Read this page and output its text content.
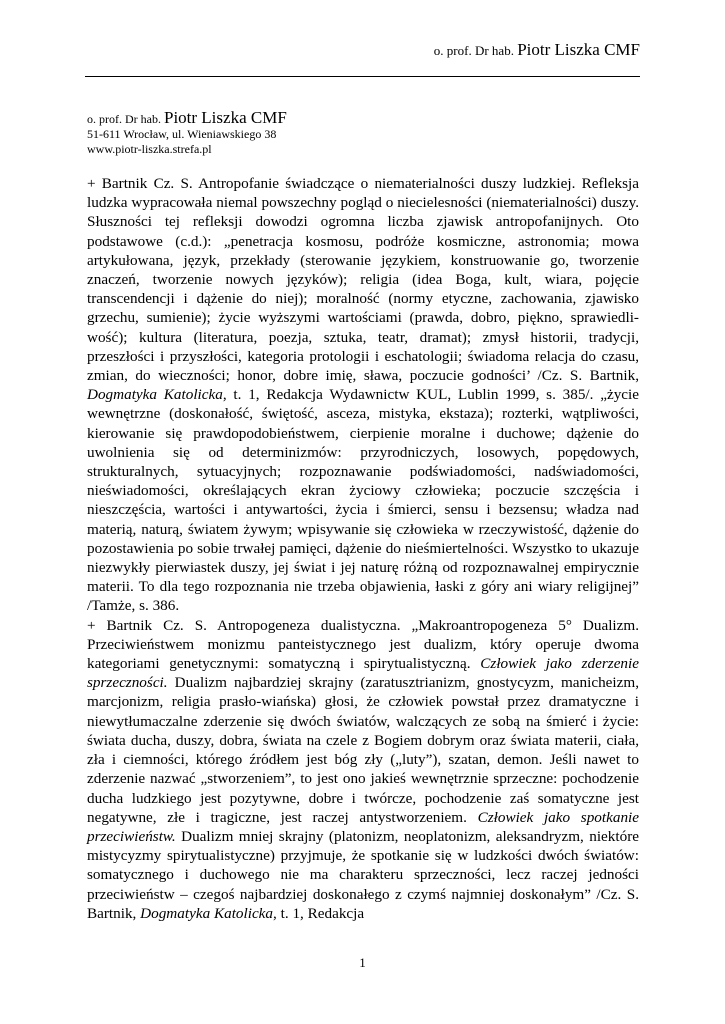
o. prof. Dr hab. Piotr Liszka CMF
o. prof. Dr hab. Piotr Liszka CMF
51-611 Wrocław, ul. Wieniawskiego 38
www.piotr-liszka.strefa.pl

+ Bartnik Cz. S. Antropofanie świadczące o niematerialności duszy ludzkiej. Refleksja ludzka wypracowała niemal powszechny pogląd o niecielesności (niematerialności) duszy. Słuszności tej refleksji dowodzi ogromna liczba zjawisk antropofanijnych. Oto podstawowe (c.d.): „penetracja kosmosu, podróże kosmiczne, astronomia; mowa artykułowana, język, przekłady (sterowanie językiem, konstruowanie go, tworzenie znaczeń, tworzenie nowych języków); religia (idea Boga, kult, wiara, pojęcie transcendencji i dążenie do niej); moralność (normy etyczne, zachowania, zjawisko grzechu, sumienie); życie wyższymi wartościami (prawda, dobro, piękno, sprawiedli-wość); kultura (literatura, poezja, sztuka, teatr, dramat); zmysł historii, tradycji, przeszłości i przyszłości, kategoria protologii i eschatologii; świadoma relacja do czasu, zmian, do wieczności; honor, dobre imię, sława, poczucie godności’ /Cz. S. Bartnik, Dogmatyka Katolicka, t. 1, Redakcja Wydawnictw KUL, Lublin 1999, s. 385/. „życie wewnętrzne (doskonałość, świętość, asceza, mistyka, ekstaza); rozterki, wątpliwości, kierowanie się prawdopodobieństwem, cierpienie moralne i duchowe; dążenie do uwolnienia się od determinizmów: przyrodniczych, losowych, popędowych, strukturalnych, sytuacyjnych; rozpoznawanie podświadomości, nadświadomości, nieświadomości, określających ekran życiowy człowieka; poczucie szczęścia i nieszczęścia, wartości i antywartości, życia i śmierci, sensu i bezsensu; władza nad materią, naturą, światem żywym; wpisywanie się człowieka w rzeczywistość, dążenie do pozostawienia po sobie trwałej pamięci, dążenie do nieśmiertelności. Wszystko to ukazuje niezwykły pierwiastek duszy, jej świat i jej naturę różną od rozpoznawalnej empirycznie materii. To dla tego rozpoznania nie trzeba objawienia, łaski z góry ani wiary religijnej” /Tamże, s. 386.

+ Bartnik Cz. S. Antropogeneza dualistyczna. „Makroantropogeneza 5° Dualizm. Przeciwieństwem monizmu panteistycznego jest dualizm, który operuje dwoma kategoriami genetycznymi: somatyczną i spirytualistyczną. Człowiek jako zderzenie sprzeczności. Dualizm najbardziej skrajny (zaratusztrianizm, gnostycyzm, manicheizm, marcjonizm, religia prasło-wiańska) głosi, że człowiek powstał przez dramatyczne i niewytłumaczalne zderzenie się dwóch światów, walczących ze sobą na śmierć i życie: świata ducha, duszy, dobra, świata na czele z Bogiem dobrym oraz świata materii, ciała, zła i ciemności, którego źródłem jest bóg zły („luty”), szatan, demon. Jeśli nawet to zderzenie nazwać „stworzeniem”, to jest ono jakieś wewnętrznie sprzeczne: pochodzenie ducha ludzkiego jest pozytywne, dobre i twórcze, pochodzenie zaś somatyczne jest negatywne, złe i tragiczne, jest raczej antystworzeniem. Człowiek jako spotkanie przeciwieństw. Dualizm mniej skrajny (platonizm, neoplatonizm, aleksandryzm, niektóre mistycyzmy spirytualistyczne) przyjmuje, że spotkanie się w ludzkości dwóch światów: somatycznego i duchowego nie ma charakteru sprzeczności, lecz raczej jedności przeciwieństw – czegoś najbardziej doskonałego z czymś najmniej doskonałym” /Cz. S. Bartnik, Dogmatyka Katolicka, t. 1, Redakcja

1
